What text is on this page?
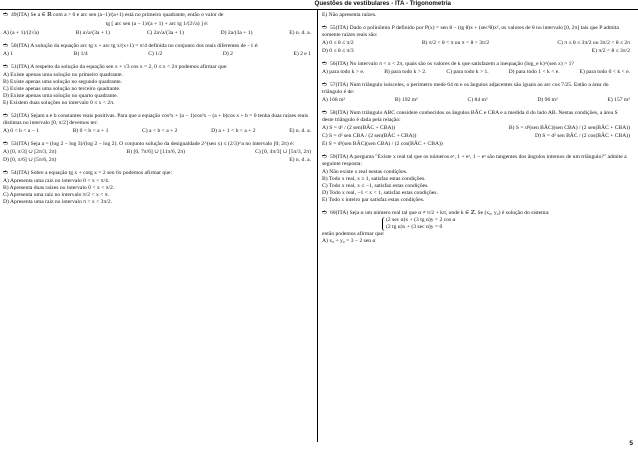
Questões de vestibulares - ITA - Trigonometria
➬ 49(ITA) Se a ∈ ℝ com a > 0 e arc sen (a−1)/(a+1) está no primeiro quadrante, então o valor de
tg [ arc sen (a − 1)/(a + 1) + arc tg 1/(2√a) ] é:
A) (a + 1)/(2√a)	B) a√a/(3a + 1)	C) 2a√a/(3a + 1)	D) 2a/(3a + 1)	E) n. d. a.
➬ 50(ITA) A solução da equação arc tg x + arc tg x/(x+1) = π/4 definida no conjunto dos reais diferentes de −1 é:
A) 1	B) 1/4	C) 1/2	D) 2	E) 2 e 1
➬ 51(ITA) A respeito da solução da equação sen x + √3 cos x = 2, 0 ≤ x < 2π podemos afirmar que:
A) Existe apenas uma solução no primeiro quadrante.
B) Existe apenas uma solução no segundo quadrante.
C) Existe apenas uma solução no terceiro quadrante.
D) Existe apenas uma solução no quarto quadrante.
E) Existem duas soluções no intervalo 0 ≤ x < 2π.
➬ 52(ITA) Sejam a e b constantes reais positivas. Para que a equação cos³x + (a − 1)cos²x − (a + b)cos x + b = 0 tenha duas raízes reais distintas no intervalo [0, π/2] devemos ter:
A) 0 < b < a − 1	B) 0 < b < a + 1	C) a < b < a + 2	D) a + 1 < b < a + 2	E) n. d. a.
➬ 53(ITA) Seja a = (log 2 − log 3)/(log 2 − log 2). O conjunto solução da desigualdade 2^(sen x) ≤ (2/3)^a no intervalo [0; 2π) é:
A) [0, π/3] ∪ [2π/3, 2π)	B) [0, 7π/6] ∪ [11π/6, 2π)	C) [0, 4π/3] ∪ [5π/3, 2π)
D) [0, π/6] ∪ [5π/6, 2π)	E) n. d. a.
➬ 54(ITA) Sobre a equação tg x + cotg x = 2 sen 6x podemos afirmar que:
A) Apresenta uma raiz no intervalo 0 < x < π/4.
B) Apresenta duas raízes no intervalo 0 < x < π/2.
C) Apresenta uma raiz no intervalo π/2 < x < π.
D) Apresenta uma raiz no intervalo π < x < 3π/2.
E) Não apresenta raízes.
➬ 55(ITA) Dado o polinômio P definido por P(x) = sen θ − (tg θ)x + (sec²θ)x², os valores de θ no intervalo [0, 2π] tais que P admita somente raízes reais são:
A) 0 ≤ θ ≤ π/2	B) π/2 < θ < π ou π < θ < 3π/2	C) π ≤ θ ≤ 3π/2 ou 3π/2 < θ ≤ 2π
D) 0 ≤ θ ≤ π/3	E) π/2 < θ ≤ 3π/2
➬ 56(ITA) No intervalo π < x < 2π, quais são os valores de k que satisfazem a inequação (log_e k)^(sen x) > 1?
A) para todo k > e.	B) para todo k > 2.	C) para todo k > 1.	D) para todo 1 < k < e.	E) para todo 0 < k < e.
➬ 57(ITA) Num triângulo isósceles, o perímetro mede 64 m e os ângulos adjacentes são iguais ao arc cos 7/25. Então a área do triângulo é de:
A) 168 m²	B) 192 m²	C) 84 m²	D) 96 m²	E) 157 m²
➬ 58(ITA) Num triângulo ABC considere conhecidos os ângulos BÂC e CBA e a medida d do lado AB. Nestas condições, a área S deste triângulo é dada pela relação:
A) S = d² / (2 sen(BÂC + CBA))	B) S = d²(sen BÂC)(sen CBA) / (2 sen(BÂC + CBA))
C) S = d² sen CBA / (2 sen(BÂC + CBA))	D) S = d² sen BÂC / (2 cos(BÂC + CBA))
E) S = d²(sen BÂC)(sen CBA) / (2 cos(BÂC + CBA))
➬ 59(ITA) A pergunta "Existe x real tal que os números eˣ, 1 + eˣ, 1 − eˣ são tangentes dos ângulos internos de um triângulo?" admite a seguinte resposta:
A) Não existe x real nestas condições.
B) Todo x real, x ≥ 1, satisfaz estas condições.
C) Todo x real, x ≤ −1, satisfaz estas condições.
D) Todo x real, −1 < x < 1, satisfaz estas condições.
E) Todo x inteiro par satisfaz estas condições.
➬ 60(ITA) Seja α um número real tal que α ≠ π/2 + kπ, onde k ∈ ℤ. Se (x₀, y₀) é solução do sistema:
(2 sec α)x + (3 tg α)y = 2 cos α
(2 tg α)x + (3 sec α)y = 0
então podemos afirmar que:
A) x₀ + y₀ = 3 − 2 sen α
5
